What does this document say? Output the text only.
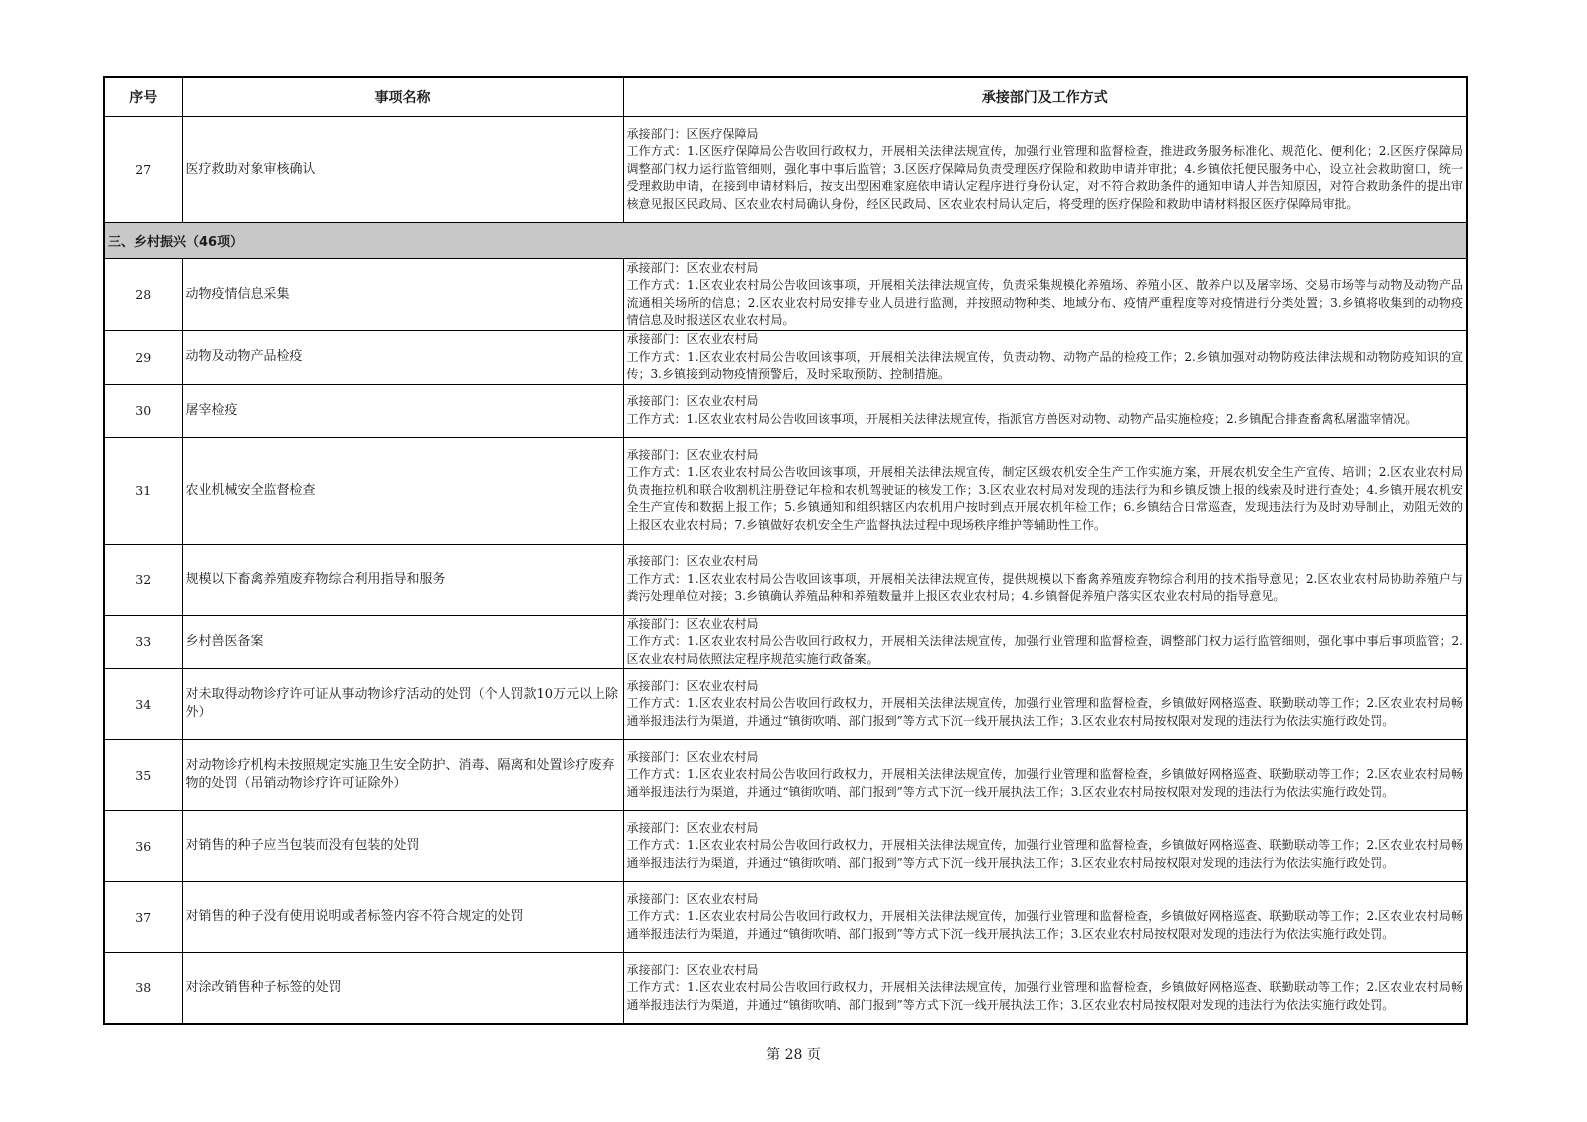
序号	事项名称	承接部门及工作方式
27	医疗救助对象审核确认	承接部门：区医疗保障局
工作方式：1.区医疗保障局公告收回行政权力，开展相关法律法规宣传，加强行业管理和监督检查，推进政务服务标准化、规范化、便利化；2.区医疗保障局调整部门权力运行监管细则，强化事中事后监管；3.区医疗保障局负责受理医疗保险和救助申请并审批；4.乡镇依托便民服务中心，设立社会救助窗口，统一受理救助申请，在接到申请材料后，按支出型困难家庭依申请认定程序进行身份认定，对不符合救助条件的通知申请人并告知原因，对符合救助条件的提出审核意见报区民政局、区农业农村局确认身份，经区民政局、区农业农村局认定后，将受理的医疗保险和救助申请材料报区医疗保障局审批。

三、乡村振兴（46项）		
28	动物疫情信息采集	承接部门：区农业农村局
工作方式：1.区农业农村局公告收回该事项，开展相关法律法规宣传，负责采集规模化养殖场、养殖小区、散养户以及屠宰场、交易市场等与动物及动物产品流通相关场所的信息；2.区农业农村局安排专业人员进行监测，并按照动物种类、地域分布、疫情严重程度等对疫情进行分类处置；3.乡镇将收集到的动物疫情信息及时报送区农业农村局。

29	动物及动物产品检疫	承接部门：区农业农村局
工作方式：1.区农业农村局公告收回该事项，开展相关法律法规宣传，负责动物、动物产品的检疫工作；2.乡镇加强对动物防疫法律法规和动物防疫知识的宣传；3.乡镇接到动物疫情预警后，及时采取预防、控制措施。

30	屠宰检疫	承接部门：区农业农村局
工作方式：1.区农业农村局公告收回该事项，开展相关法律法规宣传，指派官方兽医对动物、动物产品实施检疫；2.乡镇配合排查畜禽私屠滥宰情况。

31	农业机械安全监督检查	承接部门：区农业农村局
工作方式：1.区农业农村局公告收回该事项，开展相关法律法规宣传，制定区级农机安全生产工作实施方案，开展农机安全生产宣传、培训；2.区农业农村局负责拖拉机和联合收割机注册登记年检和农机驾驶证的核发工作；3.区农业农村局对发现的违法行为和乡镇反馈上报的线索及时进行查处；4.乡镇开展农机安全生产宣传和数据上报工作；5.乡镇通知和组织辖区内农机用户按时到点开展农机年检工作；6.乡镇结合日常巡查，发现违法行为及时劝导制止，劝阻无效的上报区农业农村局；7.乡镇做好农机安全生产监督执法过程中现场秩序维护等辅助性工作。

32	规模以下畜禽养殖废弃物综合利用指导和服务	承接部门：区农业农村局
工作方式：1.区农业农村局公告收回该事项，开展相关法律法规宣传，提供规模以下畜禽养殖废弃物综合利用的技术指导意见；2.区农业农村局协助养殖户与粪污处理单位对接；3.乡镇确认养殖品种和养殖数量并上报区农业农村局；4.乡镇督促养殖户落实区农业农村局的指导意见。

33	乡村兽医备案	承接部门：区农业农村局
工作方式：1.区农业农村局公告收回行政权力，开展相关法律法规宣传，加强行业管理和监督检查，调整部门权力运行监管细则，强化事中事后事项监管；2.区农业农村局依照法定程序规范实施行政备案。

34	对未取得动物诊疗许可证从事动物诊疗活动的处罚（个人罚款10万元以上除外）	承接部门：区农业农村局
工作方式：1.区农业农村局公告收回行政权力，开展相关法律法规宣传，加强行业管理和监督检查，乡镇做好网格巡查、联勤联动等工作；2.区农业农村局畅通举报违法行为渠道，并通过“镇街吹哨、部门报到”等方式下沉一线开展执法工作；3.区农业农村局按权限对发现的违法行为依法实施行政处罚。

35	对动物诊疗机构未按照规定实施卫生安全防护、消毒、隔离和处置诊疗废弃物的处罚（吊销动物诊疗许可证除外）	承接部门：区农业农村局
工作方式：1.区农业农村局公告收回行政权力，开展相关法律法规宣传，加强行业管理和监督检查，乡镇做好网格巡查、联勤联动等工作；2.区农业农村局畅通举报违法行为渠道，并通过“镇街吹哨、部门报到”等方式下沉一线开展执法工作；3.区农业农村局按权限对发现的违法行为依法实施行政处罚。

36	对销售的种子应当包装而没有包装的处罚	承接部门：区农业农村局
工作方式：1.区农业农村局公告收回行政权力，开展相关法律法规宣传，加强行业管理和监督检查，乡镇做好网格巡查、联勤联动等工作；2.区农业农村局畅通举报违法行为渠道，并通过“镇街吹哨、部门报到”等方式下沉一线开展执法工作；3.区农业农村局按权限对发现的违法行为依法实施行政处罚。

37	对销售的种子没有使用说明或者标签内容不符合规定的处罚	承接部门：区农业农村局
工作方式：1.区农业农村局公告收回行政权力，开展相关法律法规宣传，加强行业管理和监督检查，乡镇做好网格巡查、联勤联动等工作；2.区农业农村局畅通举报违法行为渠道，并通过“镇街吹哨、部门报到”等方式下沉一线开展执法工作；3.区农业农村局按权限对发现的违法行为依法实施行政处罚。

38	对涂改销售种子标签的处罚	承接部门：区农业农村局
工作方式：1.区农业农村局公告收回行政权力，开展相关法律法规宣传，加强行业管理和监督检查，乡镇做好网格巡查、联勤联动等工作；2.区农业农村局畅通举报违法行为渠道，并通过“镇街吹哨、部门报到”等方式下沉一线开展执法工作；3.区农业农村局按权限对发现的违法行为依法实施行政处罚。
第 28 页
